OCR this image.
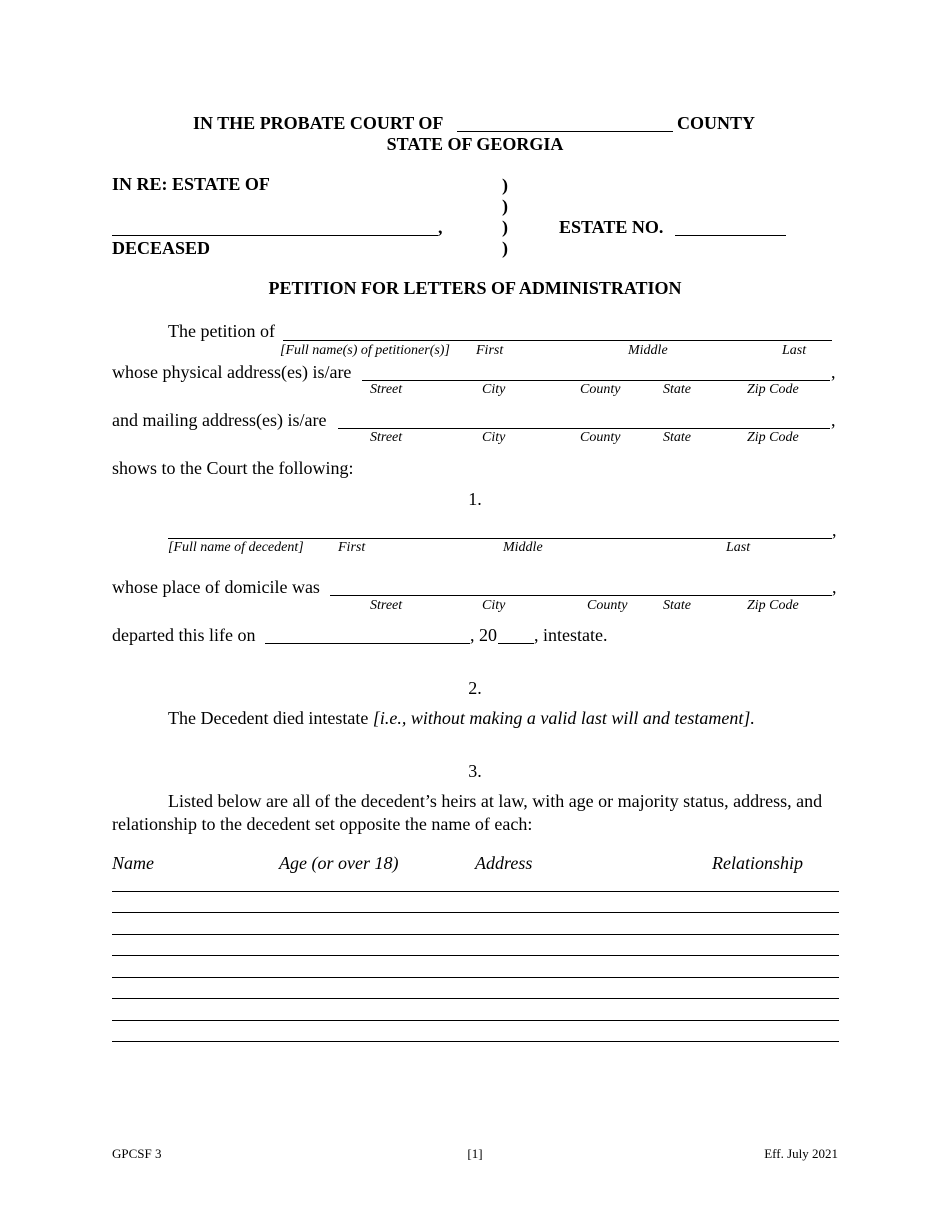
IN THE PROBATE COURT OF	COUNTY
STATE OF GEORGIA
IN RE: ESTATE OF
,
DECEASED
)
)
)
)
ESTATE NO.
PETITION FOR LETTERS OF ADMINISTRATION
The petition of
[Full name(s) of petitioner(s)] First	Middle	Last
whose physical address(es) is/are	,
Street	City	County	State	Zip Code
and mailing address(es) is/are	,
Street	City	County	State	Zip Code
shows to the Court the following:
1.
,
[Full name of decedent] First	Middle	Last
whose place of domicile was	,
Street	City	County	State	Zip Code
departed this life on	, 20 , intestate.
2.
The Decedent died intestate [i.e., without making a valid last will and testament].
3.
Listed below are all of the decedent’s heirs at law, with age or majority status, address, and
relationship to the decedent set opposite the name of each:
Name	Age (or over 18)	Address	Relationship
GPCSF 3	[1]	Eff. July 2021
